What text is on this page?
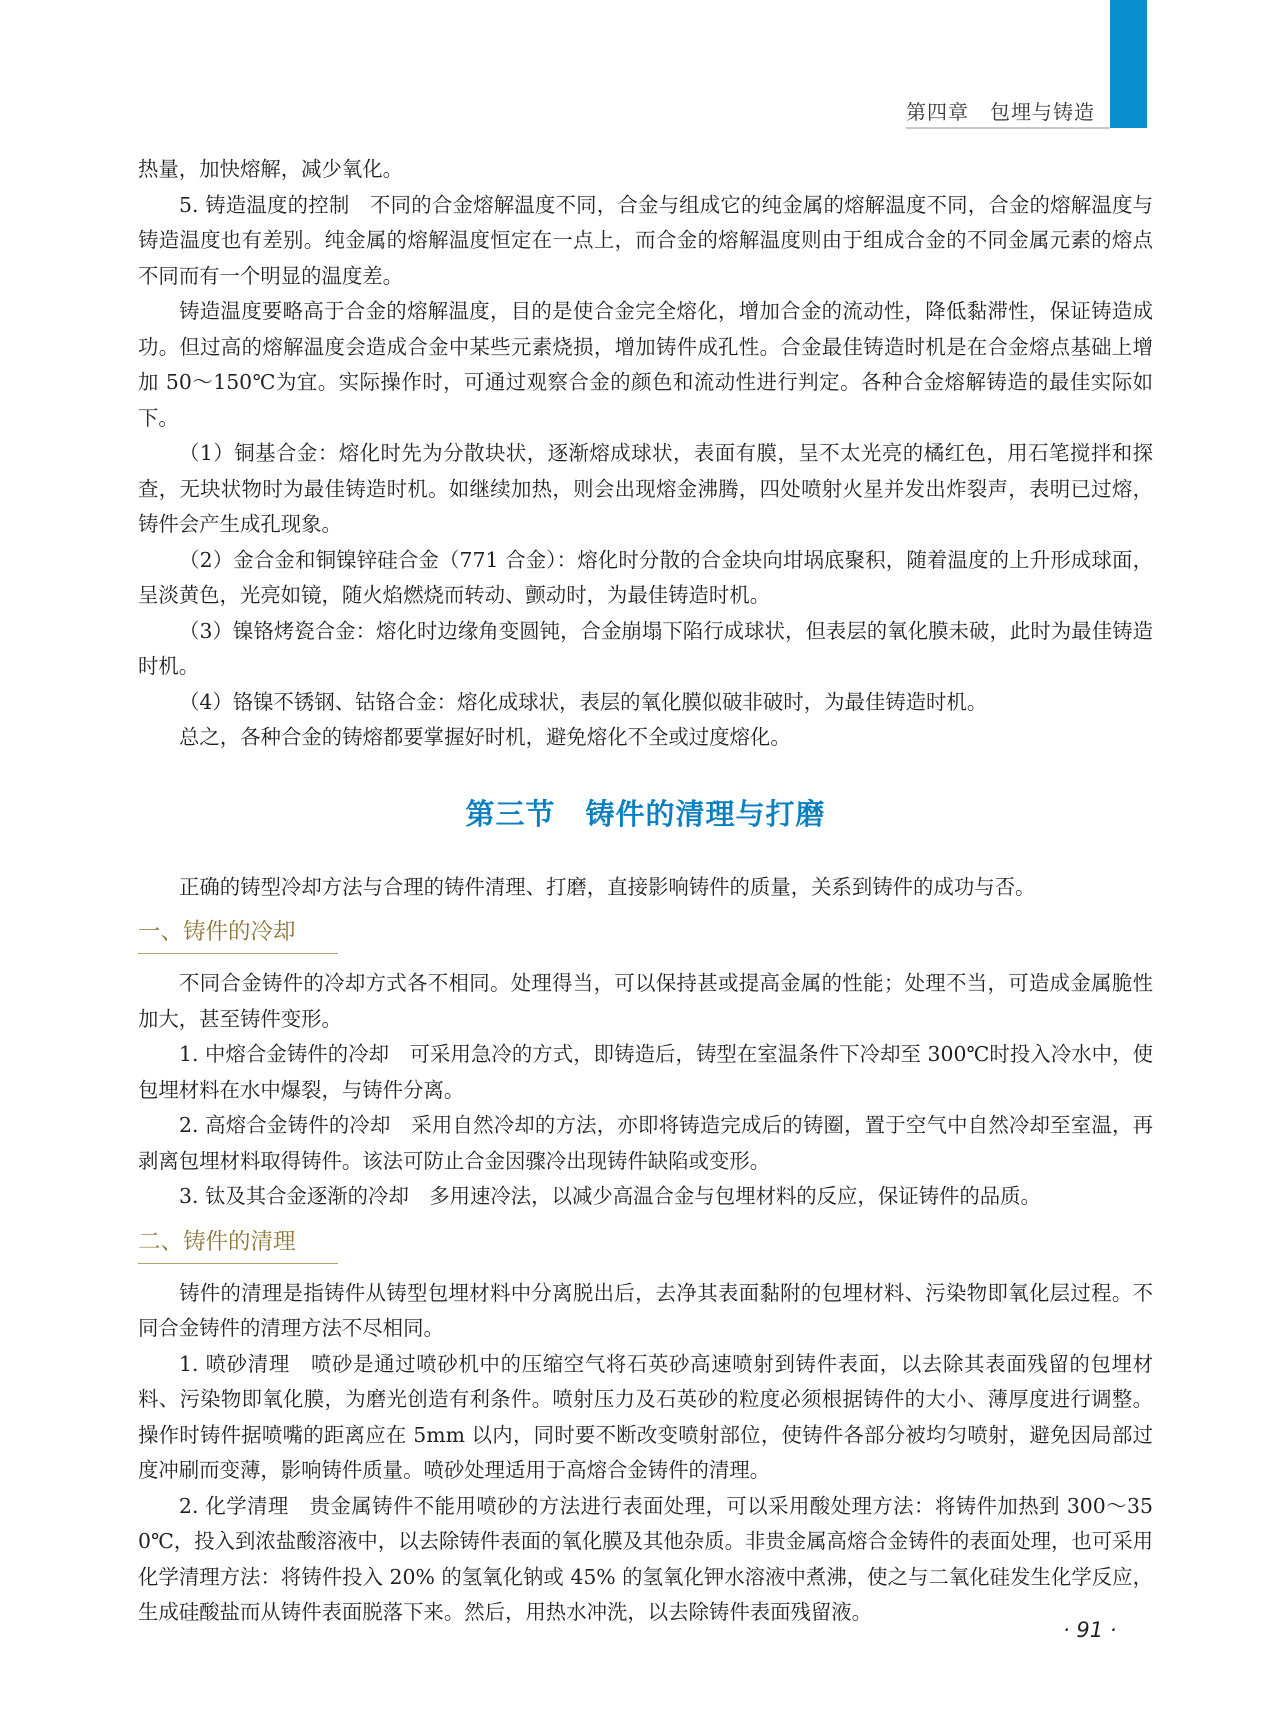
第四章　包埋与铸造

热量，加快熔解，减少氧化。

5. 铸造温度的控制　不同的合金熔解温度不同，合金与组成它的纯金属的熔解温度不同，合金的熔解温度与铸造温度也有差别。纯金属的熔解温度恒定在一点上，而合金的熔解温度则由于组成合金的不同金属元素的熔点不同而有一个明显的温度差。

铸造温度要略高于合金的熔解温度，目的是使合金完全熔化，增加合金的流动性，降低黏滞性，保证铸造成功。但过高的熔解温度会造成合金中某些元素烧损，增加铸件成孔性。合金最佳铸造时机是在合金熔点基础上增加 50～150℃为宜。实际操作时，可通过观察合金的颜色和流动性进行判定。各种合金熔解铸造的最佳实际如下。

（1）铜基合金：熔化时先为分散块状，逐渐熔成球状，表面有膜，呈不太光亮的橘红色，用石笔搅拌和探查，无块状物时为最佳铸造时机。如继续加热，则会出现熔金沸腾，四处喷射火星并发出炸裂声，表明已过熔，铸件会产生成孔现象。

（2）金合金和铜镍锌硅合金（771 合金）：熔化时分散的合金块向坩埚底聚积，随着温度的上升形成球面，呈淡黄色，光亮如镜，随火焰燃烧而转动、颤动时，为最佳铸造时机。

（3）镍铬烤瓷合金：熔化时边缘角变圆钝，合金崩塌下陷行成球状，但表层的氧化膜未破，此时为最佳铸造时机。

（4）铬镍不锈钢、钴铬合金：熔化成球状，表层的氧化膜似破非破时，为最佳铸造时机。

总之，各种合金的铸熔都要掌握好时机，避免熔化不全或过度熔化。

第三节　铸件的清理与打磨

正确的铸型冷却方法与合理的铸件清理、打磨，直接影响铸件的质量，关系到铸件的成功与否。

一、铸件的冷却

不同合金铸件的冷却方式各不相同。处理得当，可以保持甚或提高金属的性能；处理不当，可造成金属脆性加大，甚至铸件变形。

1. 中熔合金铸件的冷却　可采用急冷的方式，即铸造后，铸型在室温条件下冷却至 300℃时投入冷水中，使包埋材料在水中爆裂，与铸件分离。

2. 高熔合金铸件的冷却　采用自然冷却的方法，亦即将铸造完成后的铸圈，置于空气中自然冷却至室温，再剥离包埋材料取得铸件。该法可防止合金因骤冷出现铸件缺陷或变形。

3. 钛及其合金逐渐的冷却　多用速冷法，以减少高温合金与包埋材料的反应，保证铸件的品质。

二、铸件的清理

铸件的清理是指铸件从铸型包埋材料中分离脱出后，去净其表面黏附的包埋材料、污染物即氧化层过程。不同合金铸件的清理方法不尽相同。

1. 喷砂清理　喷砂是通过喷砂机中的压缩空气将石英砂高速喷射到铸件表面，以去除其表面残留的包埋材料、污染物即氧化膜，为磨光创造有利条件。喷射压力及石英砂的粒度必须根据铸件的大小、薄厚度进行调整。操作时铸件据喷嘴的距离应在 5mm 以内，同时要不断改变喷射部位，使铸件各部分被均匀喷射，避免因局部过度冲刷而变薄，影响铸件质量。喷砂处理适用于高熔合金铸件的清理。

2. 化学清理　贵金属铸件不能用喷砂的方法进行表面处理，可以采用酸处理方法：将铸件加热到 300～350℃，投入到浓盐酸溶液中，以去除铸件表面的氧化膜及其他杂质。非贵金属高熔合金铸件的表面处理，也可采用化学清理方法：将铸件投入 20% 的氢氧化钠或 45% 的氢氧化钾水溶液中煮沸，使之与二氧化硅发生化学反应，生成硅酸盐而从铸件表面脱落下来。然后，用热水冲洗，以去除铸件表面残留液。

· 91 ·
